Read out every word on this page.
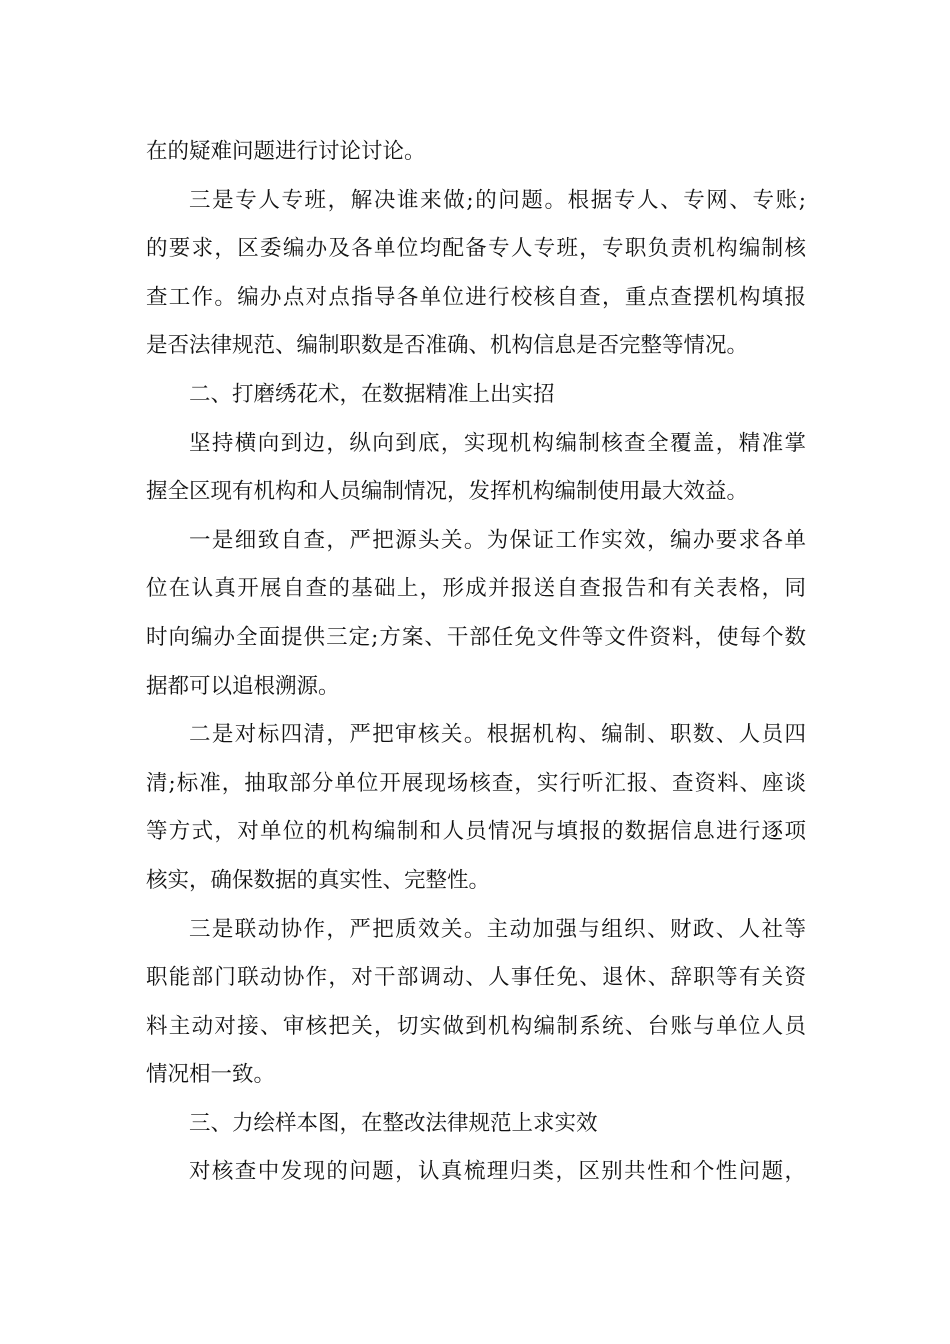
在的疑难问题进行讨论讨论。
三是专人专班，解决谁来做;的问题。根据专人、专网、专账;
的要求，区委编办及各单位均配备专人专班，专职负责机构编制核
查工作。编办点对点指导各单位进行校核自查，重点查摆机构填报
是否法律规范、编制职数是否准确、机构信息是否完整等情况。
二、打磨绣花术，在数据精准上出实招
坚持横向到边，纵向到底，实现机构编制核查全覆盖，精准掌
握全区现有机构和人员编制情况，发挥机构编制使用最大效益。
一是细致自查，严把源头关。为保证工作实效，编办要求各单
位在认真开展自查的基础上，形成并报送自查报告和有关表格，同
时向编办全面提供三定;方案、干部任免文件等文件资料，使每个数
据都可以追根溯源。
二是对标四清，严把审核关。根据机构、编制、职数、人员四
清;标准，抽取部分单位开展现场核查，实行听汇报、查资料、座谈
等方式，对单位的机构编制和人员情况与填报的数据信息进行逐项
核实，确保数据的真实性、完整性。
三是联动协作，严把质效关。主动加强与组织、财政、人社等
职能部门联动协作，对干部调动、人事任免、退休、辞职等有关资
料主动对接、审核把关，切实做到机构编制系统、台账与单位人员
情况相一致。
三、力绘样本图，在整改法律规范上求实效
对核查中发现的问题，认真梳理归类，区别共性和个性问题，
